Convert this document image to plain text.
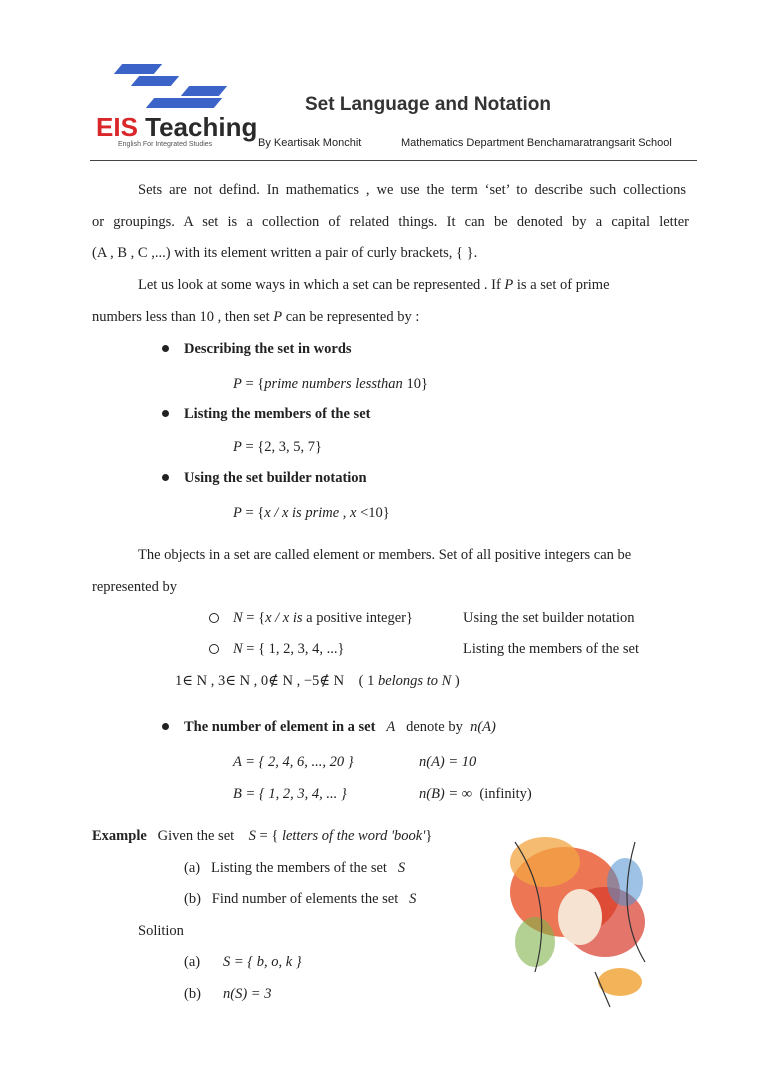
EIS Teaching
English For Integrated Studies
Set Language and Notation
By Keartisak Monchit	Mathematics Department Benchamaratrangsarit School
Sets are not defind. In mathematics , we use the term ‘set’ to describe such collections
or groupings. A set is a collection of related things. It can be denoted by a capital letter
(A , B , C ,...) with its element written a pair of curly brackets, { }.
Let us look at some ways in which a set can be represented . If P is a set of prime
numbers less than 10 , then set P can be represented by :
Describing the set in words
P = {prime numbers lessthan 10}
Listing the members of the set
P = {2, 3, 5, 7}
Using the set builder notation
P = {x / x is prime , x <10}
The objects in a set are called element or members. Set of all positive integers can be
represented by
N = {x / x is a positive integer}	Using the set builder notation
N = { 1, 2, 3, 4, ...}	Listing the members of the set
1∈ N , 3∈ N , 0∉ N , −5∉ N ( 1 belongs to N )
The number of element in a set A denote by n(A)
A = { 2, 4, 6, ..., 20 }	n(A) = 10
B = { 1, 2, 3, 4, ... }	n(B) = ∞ (infinity)
Example Given the set S = { letters of the word 'book'}
(a) Listing the members of the set S
(b) Find number of elements the set S
Solition
(a) S = { b, o, k }
(b) n(S) = 3
